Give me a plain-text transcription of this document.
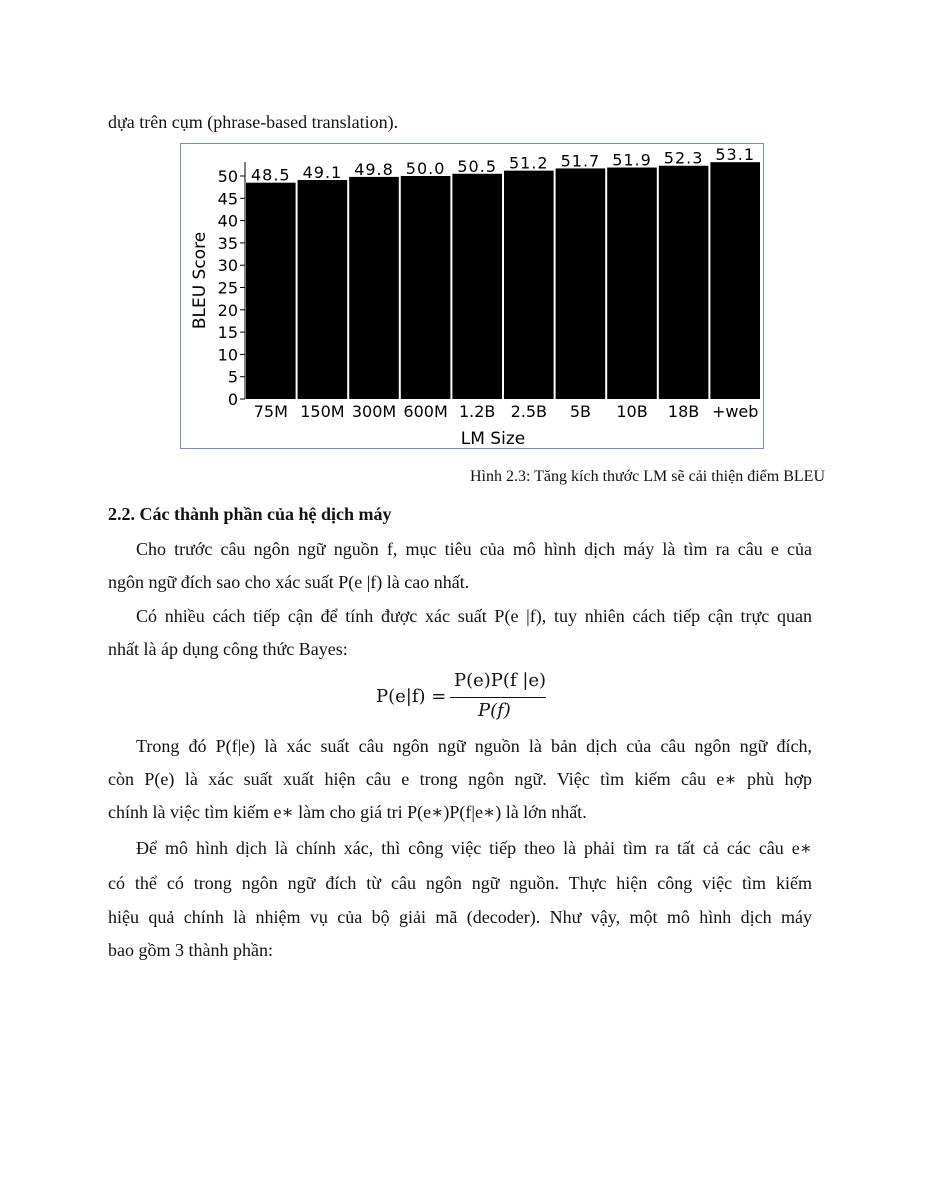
dựa trên cụm (phrase-based translation).
0
5
10
15
20
25
30
35
40
45
50 48.5
75M
49.1
150M
49.8
300M
50.0
600M
50.5
1.2B
51.2
2.5B
51.7
5B
51.9
10B
52.3
18B
53.1
+web
LM Size
BLEU Score
Hình 2.3: Tăng kích thước LM sẽ cải thiện điểm BLEU
2.2. Các thành phần của hệ dịch máy
Cho trước câu ngôn ngữ nguồn f, mục tiêu của mô hình dịch máy là tìm ra câu e của
ngôn ngữ đích sao cho xác suất P(e |f) là cao nhất.
Có nhiều cách tiếp cận để tính được xác suất P(e |f), tuy nhiên cách tiếp cận trực quan
nhất là áp dụng công thức Bayes:
P(e|f) =
P(e)P(f |e)
P(f)
Trong đó P(f|e) là xác suất câu ngôn ngữ nguồn là bản dịch của câu ngôn ngữ đích,
còn P(e) là xác suất xuất hiện câu e trong ngôn ngữ. Việc tìm kiếm câu e∗ phù hợp
chính là việc tìm kiếm e∗ làm cho giá tri P(e∗)P(f|e∗) là lớn nhất.
Để mô hình dịch là chính xác, thì công việc tiếp theo là phải tìm ra tất cả các câu e∗
có thể có trong ngôn ngữ đích từ câu ngôn ngữ nguồn. Thực hiện công việc tìm kiếm
hiệu quả chính là nhiệm vụ của bộ giải mã (decoder). Như vậy, một mô hình dịch máy
bao gồm 3 thành phần:
